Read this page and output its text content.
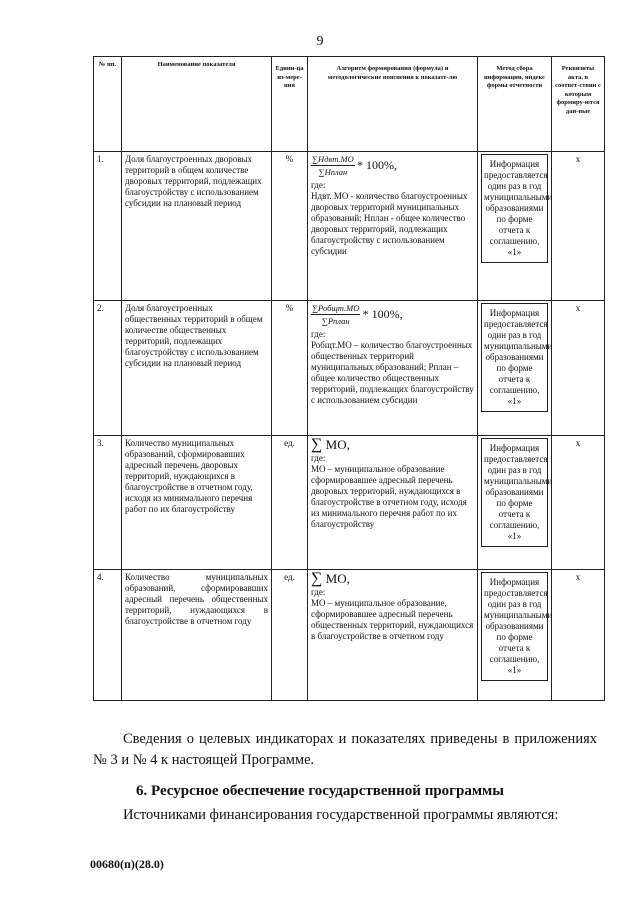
9
№ пп.	Наименование показателя	Едини-ца из-мере-ния	Алгоритм формирования (формула) и методологические пояснения к показате-лю	Метод сбора информации, индекс формы отчетности	Реквизиты акта, в соответ-ствии с которым формиру-ются дан-ные
1.	Доля благоустроенных дворовых территорий в общем количестве дворовых территорий, подлежащих благоустройству с использованием субсидии на плановый период	%	$\frac{\text{∑Ндвт.МО}}{\text{∑Нплан}} * 100\%$,
где:
Ндвт. МО - количество благоустроенных дворовых территорий муниципальных образований; Нплан - общее количество дворовых территорий, подлежащих благоустройству с использованием субсидии	Информация предоставляется один раз в год муниципальными образованиями по форме отчета к соглашению, «1»	x
2.	Доля благоустроенных общественных территорий в общем количестве общественных территорий, подлежащих благоустройству с использованием субсидии на плановый период	%	$\frac{\text{∑Робщт.МО}}{\text{∑Рплан}} * 100\%$,
где:
Робщт.МО – количество благоустроенных общественных территорий муниципальных образований; Рплан – общее количество общественных территорий, подлежащих благоустройству с использованием субсидии	Информация предоставляется один раз в год муниципальными образованиями по форме отчета к соглашению, «1»	x
3.	Количество муниципальных образований, сформировавших адресный перечень дворовых территорий, нуждающихся в благоустройстве в отчетном году, исходя из минимального перечня работ по их благоустройству	ед.	∑ МО,
где:
МО – муниципальное образование сформировавшее адресный перечень дворовых территорий, нуждающихся в благоустройстве в отчетном году, исходя из минимального перечня работ по их благоустройству	Информация предоставляется один раз в год муниципальными образованиями по форме отчета к соглашению, «1»	x
4.	Количество муниципальных образований, сформировавших адресный перечень общественных территорий, нуждающихся в благоустройстве в отчетном году	ед.	∑ МО,
где:
МО – муниципальное образование, сформировавшее адресный перечень общественных территорий, нуждающихся в благоустройстве в отчетном году	Информация предоставляется один раз в год муниципальными образованиями по форме отчета к соглашению, «1»	x
Сведения о целевых индикаторах и показателях приведены в приложениях № 3 и № 4 к настоящей Программе.
6. Ресурсное обеспечение государственной программы
Источниками финансирования государственной программы являются:
00680(п)(28.0)
